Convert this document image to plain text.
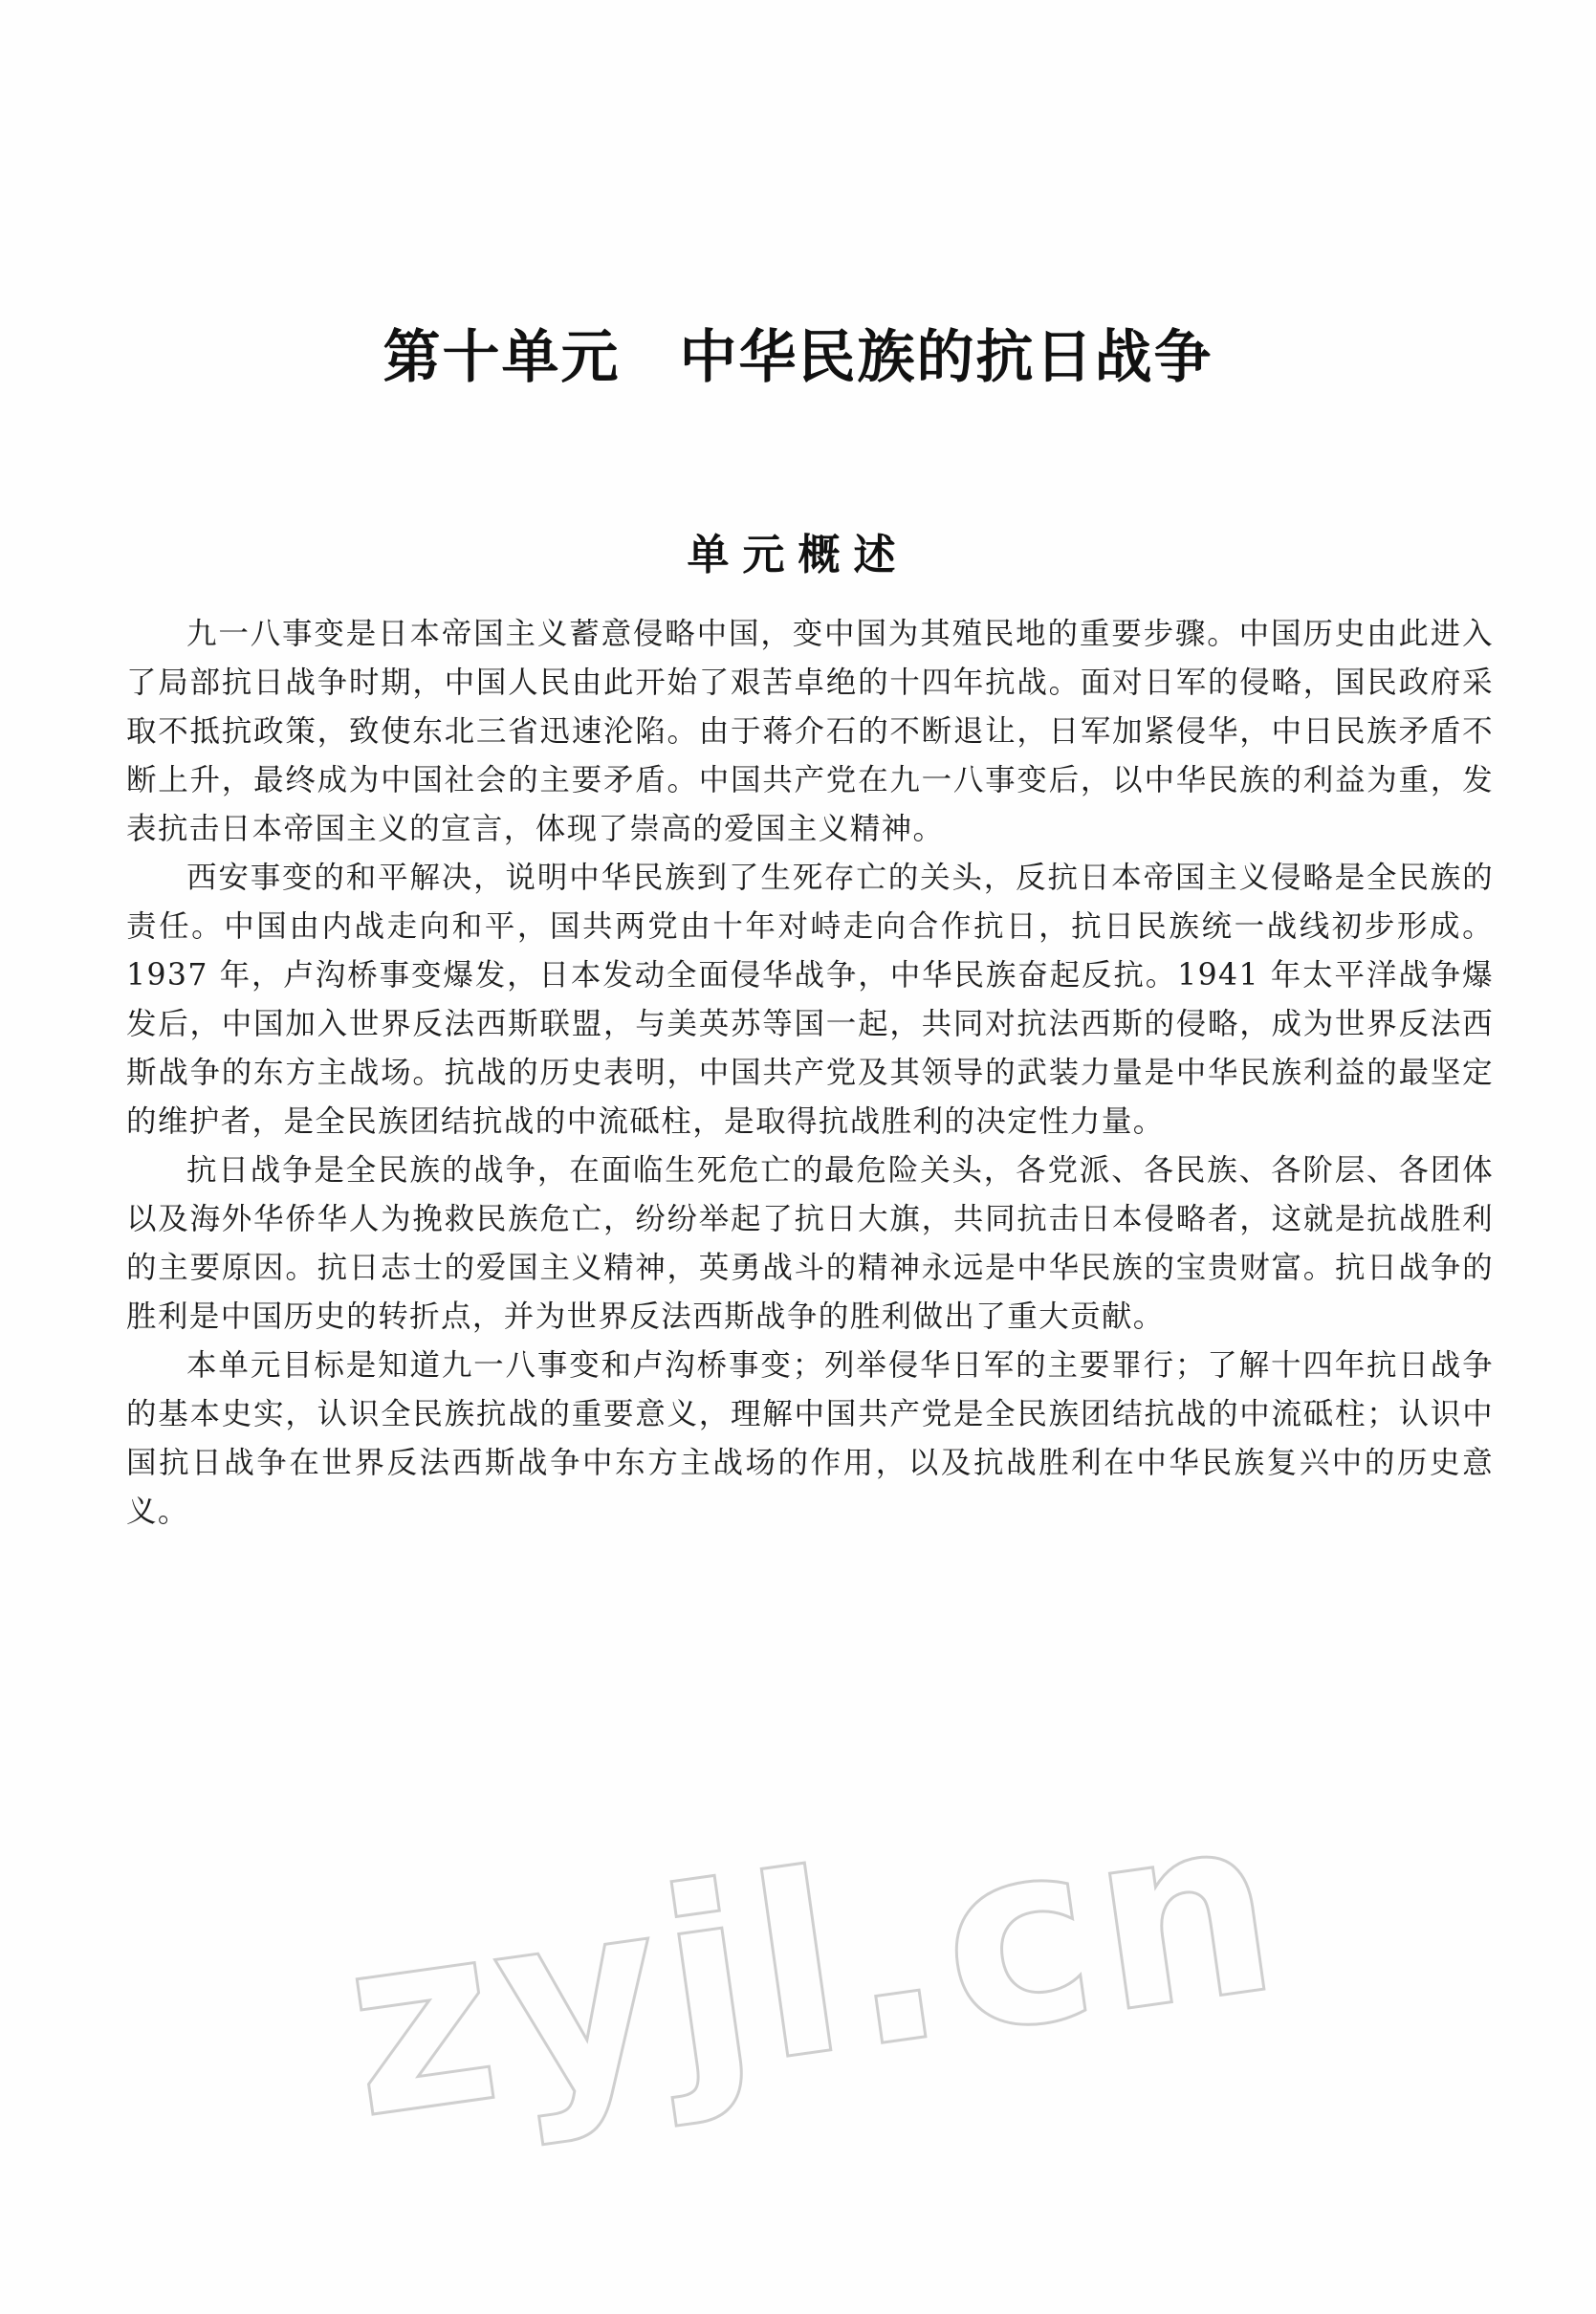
第十单元　中华民族的抗日战争
单元概述

九一八事变是日本帝国主义蓄意侵略中国，变中国为其殖民地的重要步骤。中国历史由此进入了局部抗日战争时期，中国人民由此开始了艰苦卓绝的十四年抗战。面对日军的侵略，国民政府采取不抵抗政策，致使东北三省迅速沦陷。由于蒋介石的不断退让，日军加紧侵华，中日民族矛盾不断上升，最终成为中国社会的主要矛盾。中国共产党在九一八事变后，以中华民族的利益为重，发表抗击日本帝国主义的宣言，体现了崇高的爱国主义精神。

西安事变的和平解决，说明中华民族到了生死存亡的关头，反抗日本帝国主义侵略是全民族的责任。中国由内战走向和平，国共两党由十年对峙走向合作抗日，抗日民族统一战线初步形成。1937 年，卢沟桥事变爆发，日本发动全面侵华战争，中华民族奋起反抗。1941 年太平洋战争爆发后，中国加入世界反法西斯联盟，与美英苏等国一起，共同对抗法西斯的侵略，成为世界反法西斯战争的东方主战场。抗战的历史表明，中国共产党及其领导的武装力量是中华民族利益的最坚定的维护者，是全民族团结抗战的中流砥柱，是取得抗战胜利的决定性力量。

抗日战争是全民族的战争，在面临生死危亡的最危险关头，各党派、各民族、各阶层、各团体以及海外华侨华人为挽救民族危亡，纷纷举起了抗日大旗，共同抗击日本侵略者，这就是抗战胜利的主要原因。抗日志士的爱国主义精神，英勇战斗的精神永远是中华民族的宝贵财富。抗日战争的胜利是中国历史的转折点，并为世界反法西斯战争的胜利做出了重大贡献。

本单元目标是知道九一八事变和卢沟桥事变；列举侵华日军的主要罪行；了解十四年抗日战争的基本史实，认识全民族抗战的重要意义，理解中国共产党是全民族团结抗战的中流砥柱；认识中国抗日战争在世界反法西斯战争中东方主战场的作用，以及抗战胜利在中华民族复兴中的历史意义。

zyjl.cn
